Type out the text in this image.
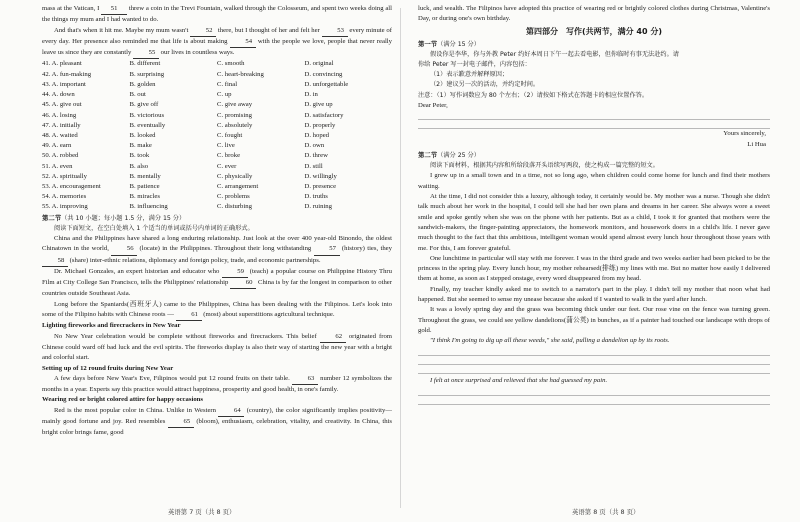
mass at the Vatican, I 51 threw a coin in the Trevi Fountain, walked through the Colosseum, and spent two weeks doing all the things my mum and I had wanted to do.

And that's when it hit me. Maybe my mum wasn't 52 there, but I thought of her and felt her 53 every minute of every day. Her presence also reminded me that life is about making 54 with the people we love, people that never really leave us since they are constantly 55 our lives in countless ways.

41. A. pleasant	B. different	C. smooth	D. original
42. A. fun-making	B. surprising	C. heart-breaking	D. convincing
43. A. important	B. golden	C. final	D. unforgettable
44. A. down	B. out	C. up	D. in
45. A. give out	B. give off	C. give away	D. give up
46. A. losing	B. victorious	C. promising	D. satisfactory
47. A. initially	B. eventually	C. absolutely	D. properly
48. A. waited	B. looked	C. fought	D. hoped
49. A. earn	B. make	C. live	D. own
50. A. robbed	B. took	C. broke	D. threw
51. A. even	B. also	C. ever	D. still
52. A. spiritually	B. mentally	C. physically	D. willingly
53. A. encouragement	B. patience	C. arrangement	D. presence
54. A. memories	B. miracles	C. problems	D. truths
55. A. improving	B. influencing	C. disturbing	D. ruining

第二节（共 10 小题；每小题 1.5 分，满分 15 分）

阅读下面短文，在空白处填入 1 个适当的单词或括号内单词的正确形式。

China and the Philippines have shared a long enduring relationship. Just look at the over 400 year-old Binondo, the oldest Chinatown in the world, 56 (locate) in the Philippines. Throughout their long withstanding 57 (history) ties, they 58 (share) inter-ethnic relations, diplomacy and foreign policy, trade, and economic partnerships.

Dr. Michael Gonzales, an expert historian and educator who 59 (teach) a popular course on Philippine History Thru Film at City College San Francisco, tells the Philippines' relationship 60 China is by far the longest in comparison to other countries outside Southeast Asia.

Long before the Spaniards(西班牙人) came to the Philippines, China has been dealing with the Filipinos. Let's look into some of the Filipino habits with Chinese roots — 61 (most) about superstitions agricultural technique.

Lighting fireworks and firecrackers in New Year

No New Year celebration would be complete without fireworks and firecrackers. This belief 62 originated from Chinese could ward off bad luck and the evil spirits. The fireworks display is also their way of starting the new year with a bright and colorful start.

Setting up of 12 round fruits during New Year

A few days before New Year's Eve, Filipinos would put 12 round fruits on their table. 63 number 12 symbolizes the months in a year. Experts say this practice would attract happiness, prosperity and good health, in one's family.

Wearing red or bright colored attire for happy occasions

Red is the most popular color in China. Unlike in Western 64 (country), the color significantly implies positivity—mainly good fortune and joy. Red resembles 65 (bloom), enthusiasm, celebration, vitality, and creativity. In China, this bright color brings fame, good

luck, and wealth. The Filipinos have adopted this practice of wearing red or brightly colored clothes during Christmas, Valentine's Day, or during one's own birthday.

第四部分　写作(共两节，满分 40 分)

第一节（满分 15 分）

假设你是李华，你与外教 Peter 约好本周日下午一起去看电影，但你临时有事无法赴约。请

你给 Peter 写一封电子邮件，内容包括：

（1）表示歉意并解释原因；

（2）建议另一次的活动，并约定时间。

注意：（1）写作词数应为 80 个左右；（2）请按如下格式在答题卡的相应位置作答。

Dear Peter,

Yours sincerely,

Li Hua

第二节（满分 25 分）

阅读下面材料，根据其内容和所给段落开头语续写两段，使之构成一篇完整的短文。

I grew up in a small town and in a time, not so long ago, when children could come home for lunch and find their mothers waiting.

At the time, I did not consider this a luxury, although today, it certainly would be. My mother was a nurse. Though she didn't talk much about her work in the hospital, I could tell she had her own plans and dreams in her career. She always wore a sweet smile and spoke gently when she was on the phone with her patients. But as a child, I took it for granted that mothers were the sandwich-makers, the finger-painting appreciators, the homework monitors, and housework doers in a child's life. I never gave much thought to the fact that this ambitious, intelligent woman would spend almost every lunch hour throughout those years with me. For this, I am forever grateful.

One lunchtime in particular will stay with me forever. I was in the third grade and two weeks earlier had been picked to be the princess in the spring play. Every lunch hour, my mother rehearsed(排练) my lines with me. But no matter how easily I delivered them at home, as soon as I stepped onstage, every word disappeared from my head.

Finally, my teacher kindly asked me to switch to a narrator's part in the play. I didn't tell my mother that noon what had happened. But she seemed to sense my unease because she asked if I wanted to walk in the yard after lunch.

It was a lovely spring day and the grass was becoming thick under our feet. Our rose vine on the fence was turning green. Throughout the grass, we could see yellow dandelions(蒲公英) in bunches, as if a painter had touched our landscape with drops of gold.

"I think I'm going to dig up all these weeds," she said, pulling a dandelion up by its roots.

I felt at once surprised and relieved that she had guessed my pain.

英语第 7 页（共 8 页）	英语第 8 页（共 8 页）
